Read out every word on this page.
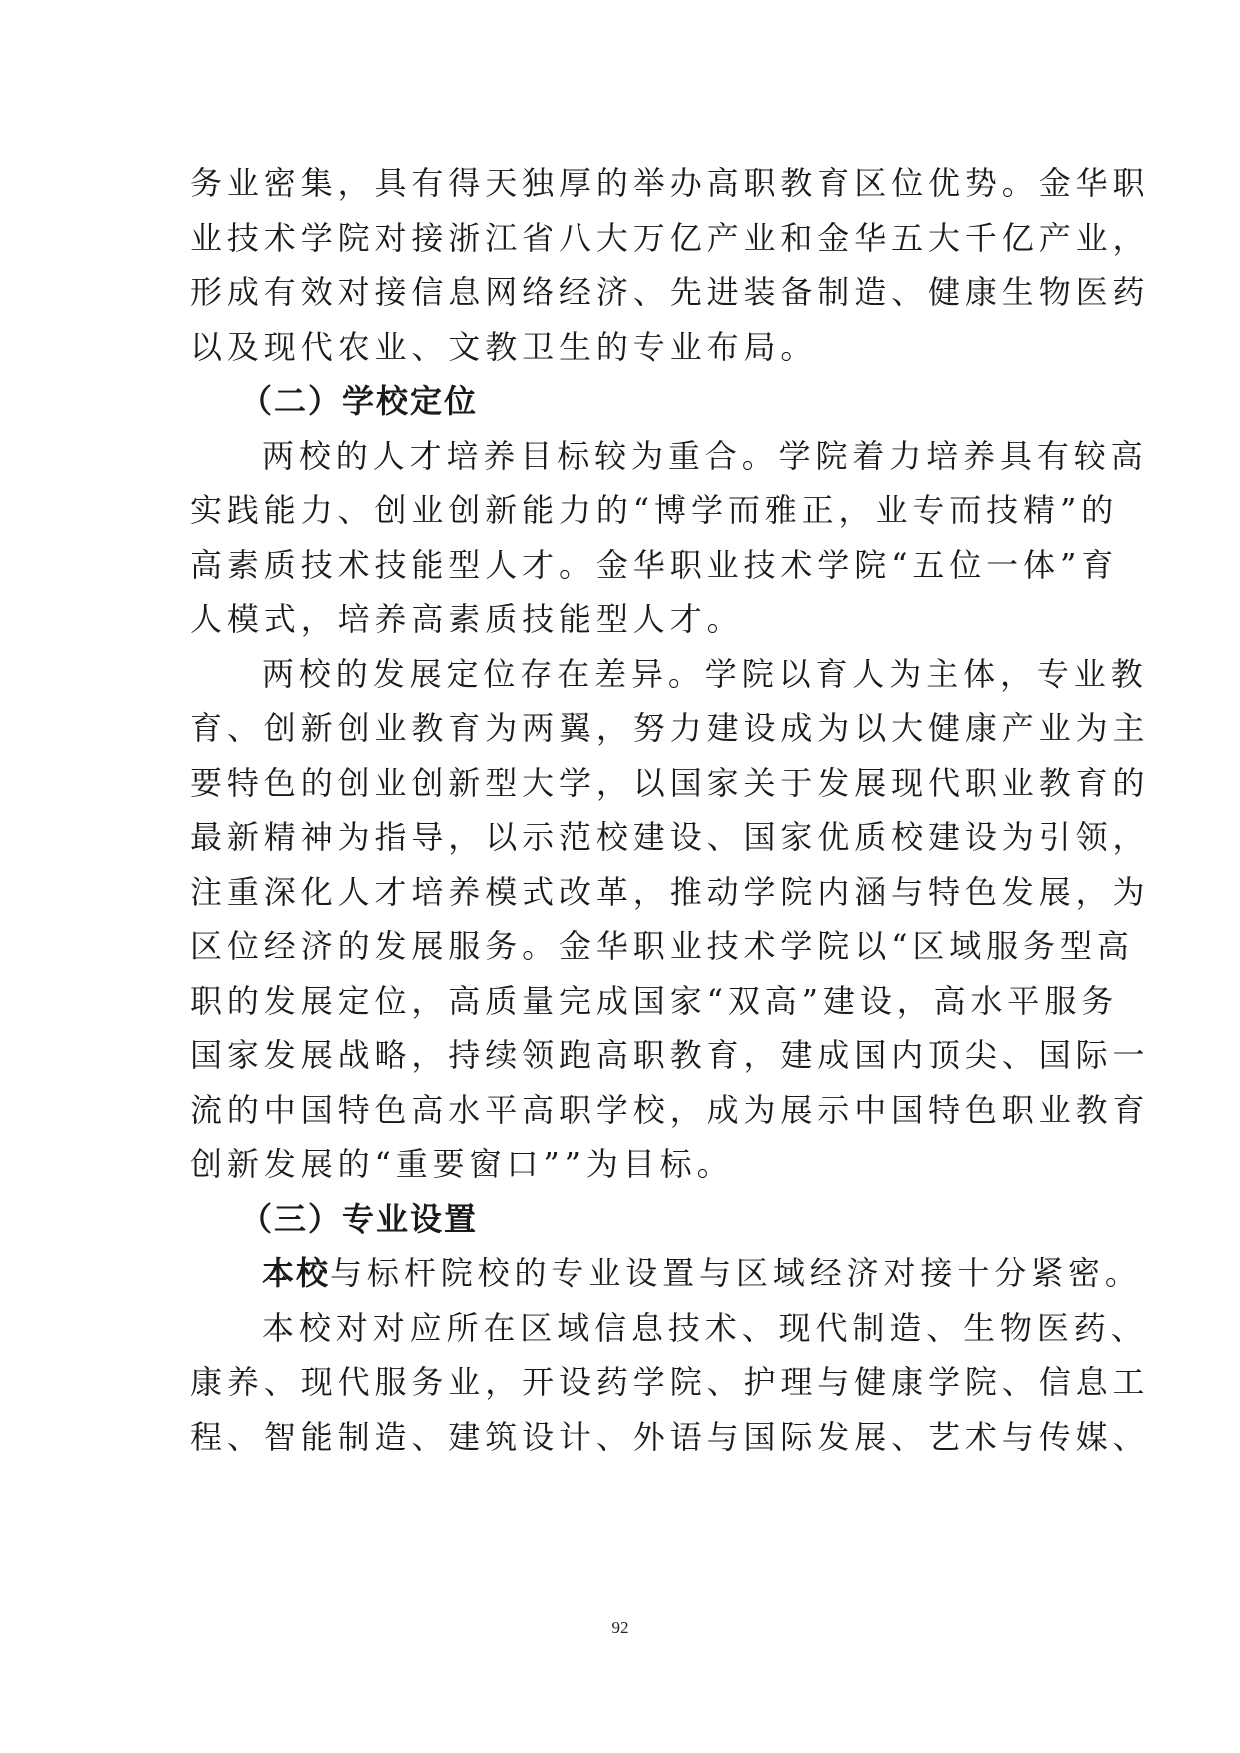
务业密集，具有得天独厚的举办高职教育区位优势。金华职

业技术学院对接浙江省八大万亿产业和金华五大千亿产业，

形成有效对接信息网络经济、先进装备制造、健康生物医药

以及现代农业、文教卫生的专业布局。

（二）学校定位

两校的人才培养目标较为重合。学院着力培养具有较高

实践能力、创业创新能力的“博学而雅正，业专而技精”的

高素质技术技能型人才。金华职业技术学院“五位一体”育

人模式，培养高素质技能型人才。

两校的发展定位存在差异。学院以育人为主体，专业教

育、创新创业教育为两翼，努力建设成为以大健康产业为主

要特色的创业创新型大学，以国家关于发展现代职业教育的

最新精神为指导，以示范校建设、国家优质校建设为引领，

注重深化人才培养模式改革，推动学院内涵与特色发展，为

区位经济的发展服务。金华职业技术学院以“区域服务型高

职的发展定位，高质量完成国家“双高”建设，高水平服务

国家发展战略，持续领跑高职教育，建成国内顶尖、国际一

流的中国特色高水平高职学校，成为展示中国特色职业教育

创新发展的“重要窗口””为目标。

（三）专业设置

本校与标杆院校的专业设置与区域经济对接十分紧密。

本校对对应所在区域信息技术、现代制造、生物医药、

康养、现代服务业，开设药学院、护理与健康学院、信息工

程、智能制造、建筑设计、外语与国际发展、艺术与传媒、

92
